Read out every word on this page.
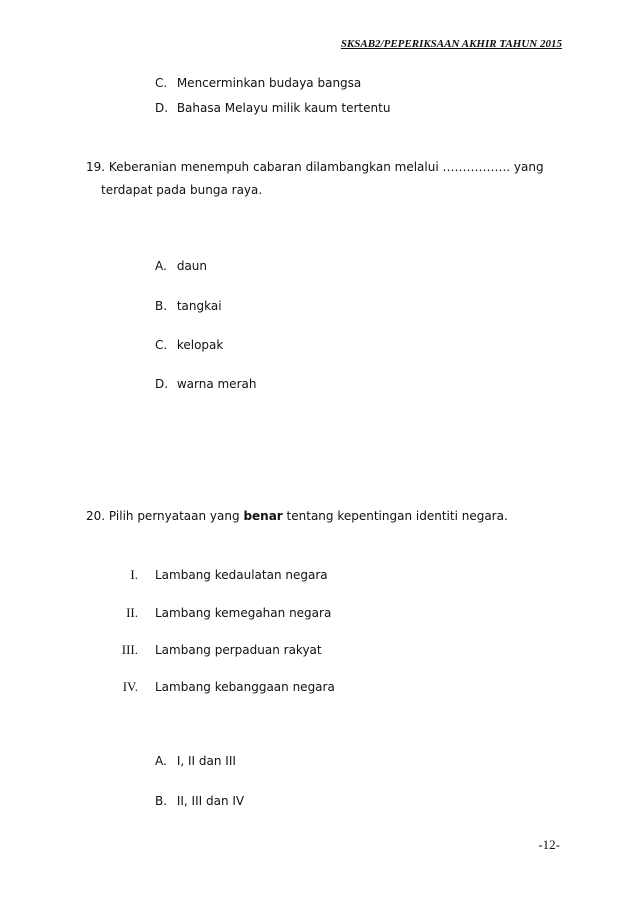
SKSAB2/PEPERIKSAAN AKHIR TAHUN 2015
C. Mencerminkan budaya bangsa
D. Bahasa Melayu milik kaum tertentu
19. Keberanian menempuh cabaran dilambangkan melalui …………….. yang
terdapat pada bunga raya.
A. daun
B. tangkai
C. kelopak
D. warna merah
20. Pilih pernyataan yang benar tentang kepentingan identiti negara.
I. Lambang kedaulatan negara
II. Lambang kemegahan negara
III. Lambang perpaduan rakyat
IV. Lambang kebanggaan negara
A. I, II dan III
B. II, III dan IV
-12-
